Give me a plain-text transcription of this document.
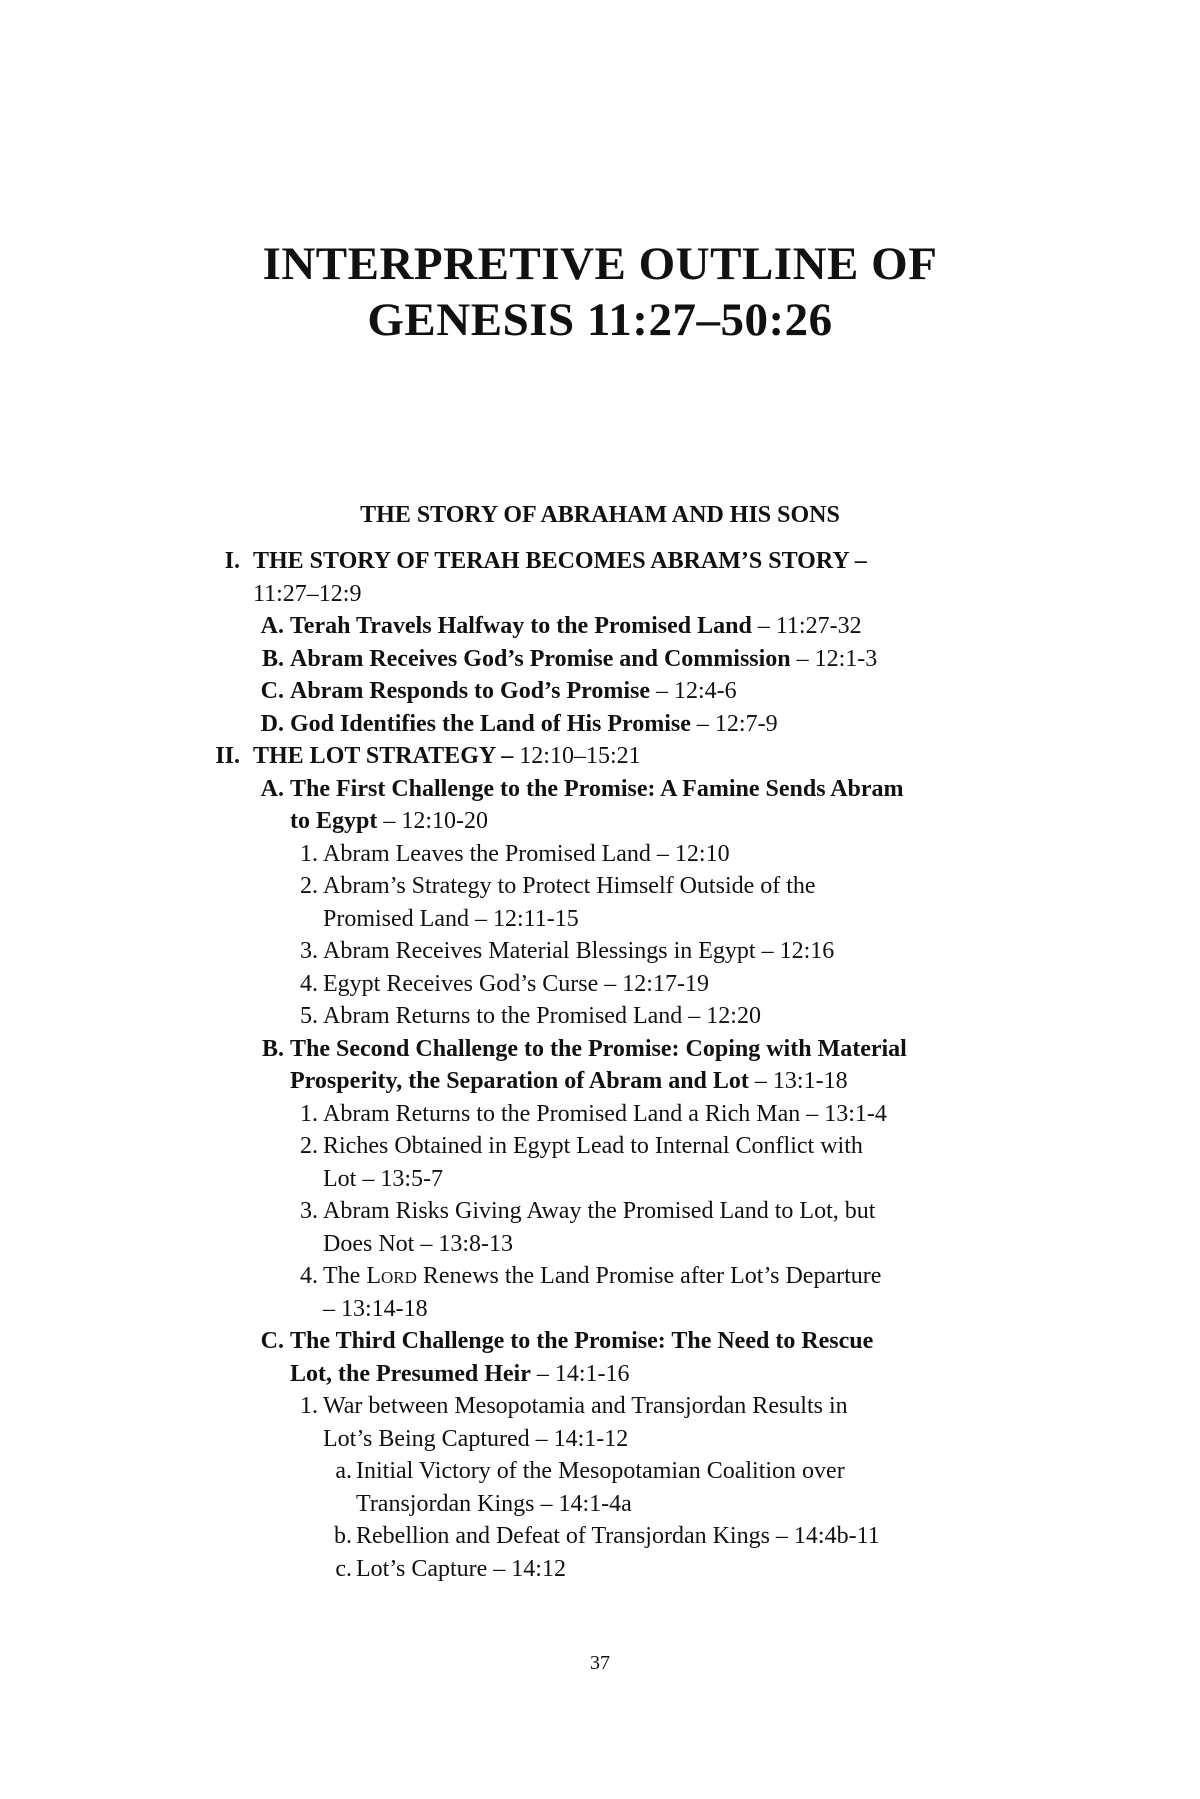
INTERPRETIVE OUTLINE OF
GENESIS 11:27–50:26
THE STORY OF ABRAHAM AND HIS SONS
I. THE STORY OF TERAH BECOMES ABRAM’S STORY –
11:27–12:9
A. Terah Travels Halfway to the Promised Land – 11:27-32
B. Abram Receives God’s Promise and Commission – 12:1-3
C. Abram Responds to God’s Promise – 12:4-6
D. God Identifies the Land of His Promise – 12:7-9
II. THE LOT STRATEGY – 12:10–15:21
A. The First Challenge to the Promise: A Famine Sends Abram
to Egypt – 12:10-20
1. Abram Leaves the Promised Land – 12:10
2. Abram’s Strategy to Protect Himself Outside of the
Promised Land – 12:11-15
3. Abram Receives Material Blessings in Egypt – 12:16
4. Egypt Receives God’s Curse – 12:17-19
5. Abram Returns to the Promised Land – 12:20
B. The Second Challenge to the Promise: Coping with Material
Prosperity, the Separation of Abram and Lot – 13:1-18
1. Abram Returns to the Promised Land a Rich Man – 13:1-4
2. Riches Obtained in Egypt Lead to Internal Conflict with
Lot – 13:5-7
3. Abram Risks Giving Away the Promised Land to Lot, but
Does Not – 13:8-13
4. The Lord Renews the Land Promise after Lot’s Departure
– 13:14-18
C. The Third Challenge to the Promise: The Need to Rescue
Lot, the Presumed Heir – 14:1-16
1. War between Mesopotamia and Transjordan Results in
Lot’s Being Captured – 14:1-12
a. Initial Victory of the Mesopotamian Coalition over
Transjordan Kings – 14:1-4a
b. Rebellion and Defeat of Transjordan Kings – 14:4b-11
c. Lot’s Capture – 14:12
37
